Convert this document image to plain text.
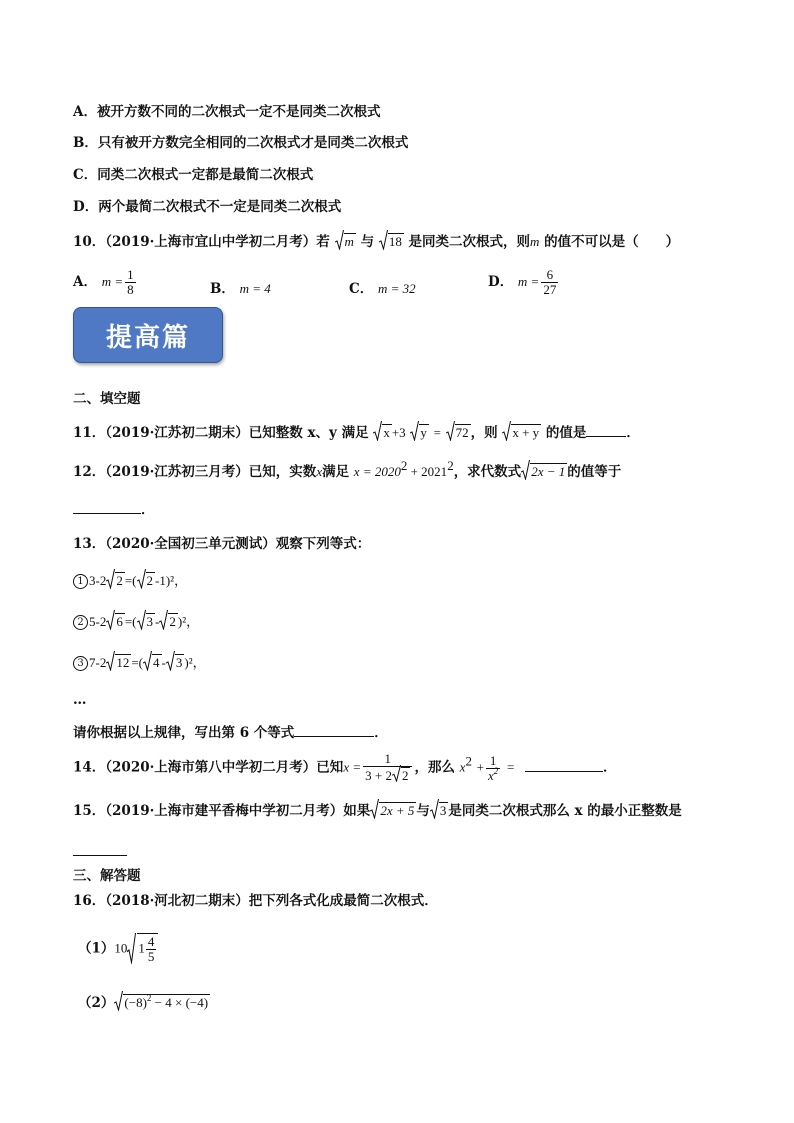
A．被开方数不同的二次根式一定不是同类二次根式
B．只有被开方数完全相同的二次根式才是同类二次根式
C．同类二次根式一定都是最简二次根式
D．两个最简二次根式不一定是同类二次根式
10．（2019·上海市宜山中学初二月考）若 m 与 18 是同类二次根式，则m 的值不可以是（　　）
A． $m = \frac{1}{8}$	B． m = 4	C． m = 32	D． $m = \frac{6}{27}$
提高篇
二、填空题
11．（2019·江苏初二期末）已知整数 x、y 满足 x +3 y = 72 ，则 x + y 的值是	．
12．（2019·江苏初三月考）已知，实数x满足 $x = 2020^2 + 2021^2$，求代数式 2x − 1 的值等于
．
13．（2020·全国初三单元测试）观察下列等式：
1 3-2 2 =( 2 -1)²，
2 5-2 6 =( 3 - 2 )²，
3 7-2 12 =( 4 - 3 )²，
…
请你根据以上规律，写出第 6 个等式	．
14．（2020·上海市第八中学初二月考）已知$x = \frac{1}{3 + 2 2}$ ，那么 $x^2 + \frac{1}{x^2}$ =	．
15．（2019·上海市建平香梅中学初二月考）如果 2x + 5 与 3 是同类二次根式那么 x 的最小正整数是
三、解答题
16．（2018·河北初二期末）把下列各式化成最简二次根式．
（1）10 $1 \frac{4}{5}$
（2） $(-8)^2 - 4 \times (-4)$
